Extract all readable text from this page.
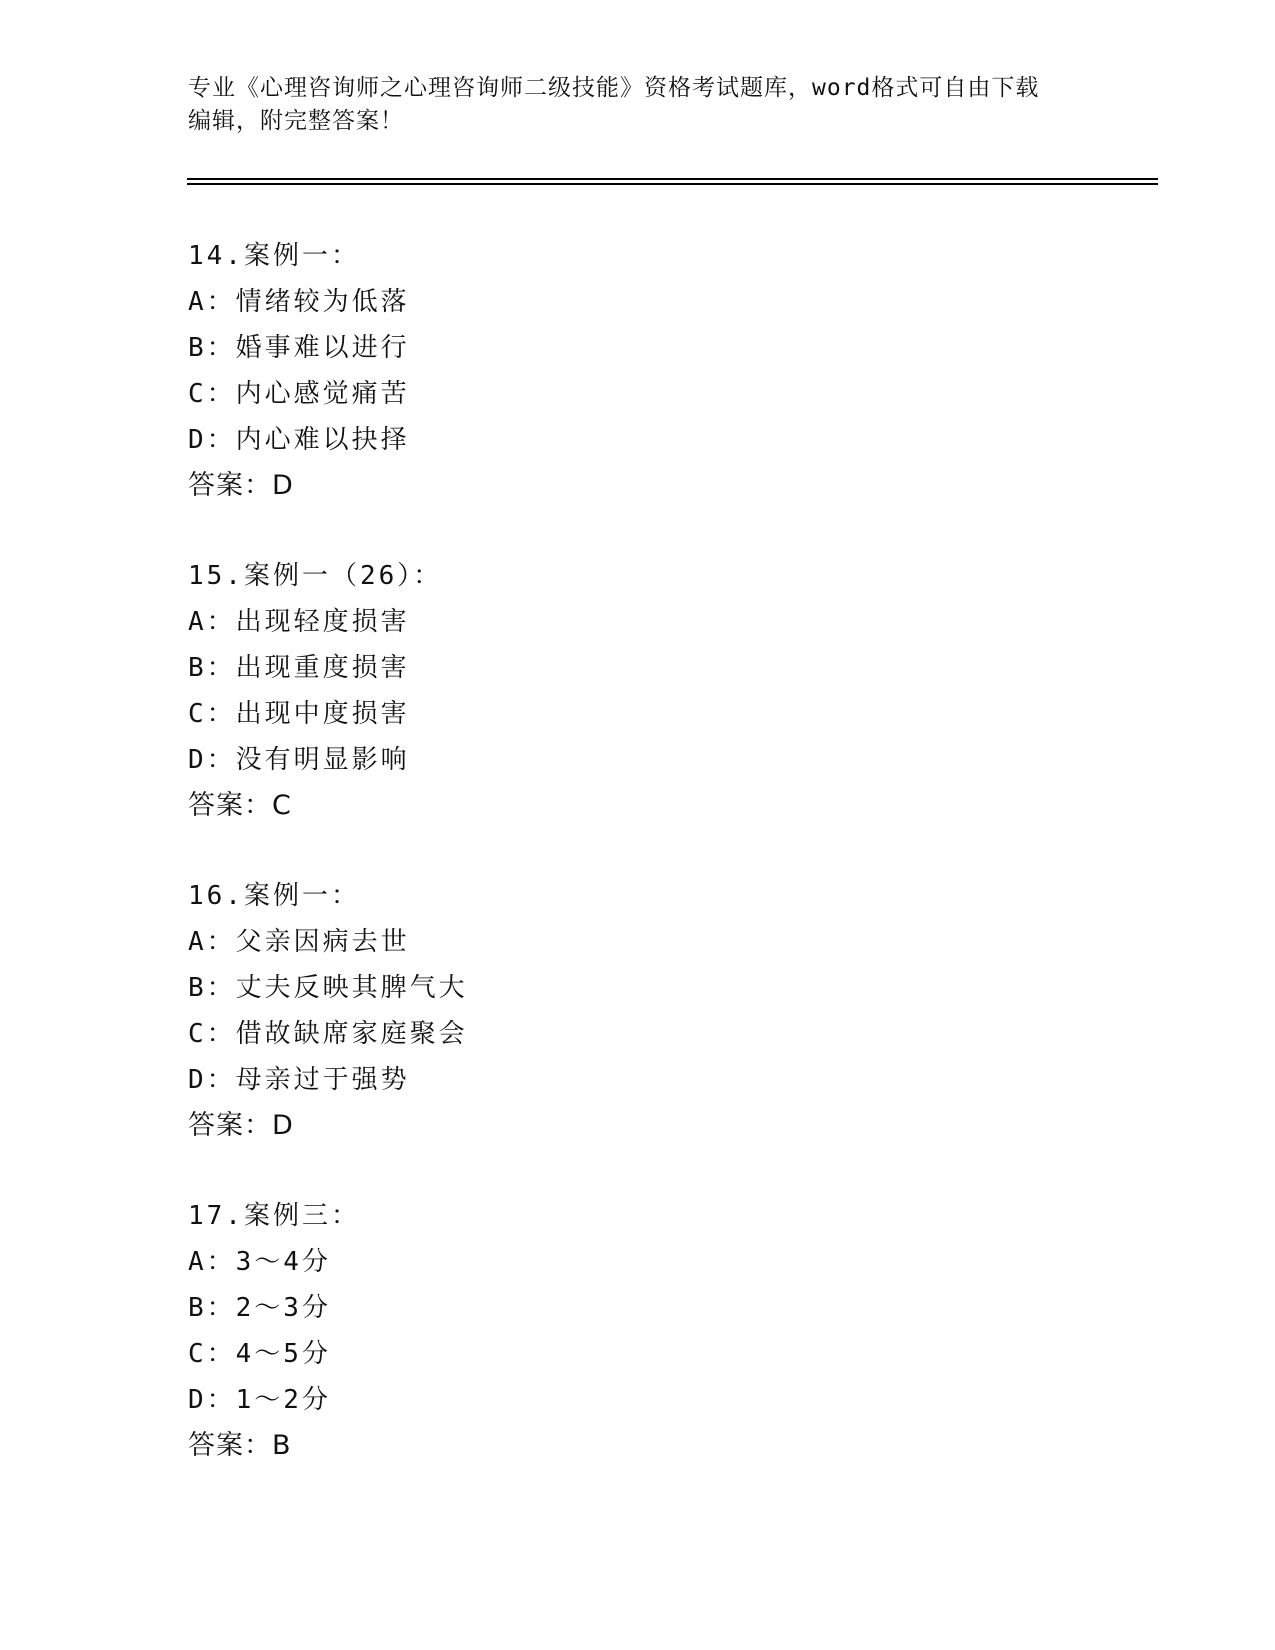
专业《心理咨询师之心理咨询师二级技能》资格考试题库，word格式可自由下载
编辑，附完整答案！
14.案例一：
A：情绪较为低落
B：婚事难以进行
C：内心感觉痛苦
D：内心难以抉择
答案：D
15.案例一（26）：
A：出现轻度损害
B：出现重度损害
C：出现中度损害
D：没有明显影响
答案：C
16.案例一：
A：父亲因病去世
B：丈夫反映其脾气大
C：借故缺席家庭聚会
D：母亲过于强势
答案：D
17.案例三：
A：3～4分
B：2～3分
C：4～5分
D：1～2分
答案：B
